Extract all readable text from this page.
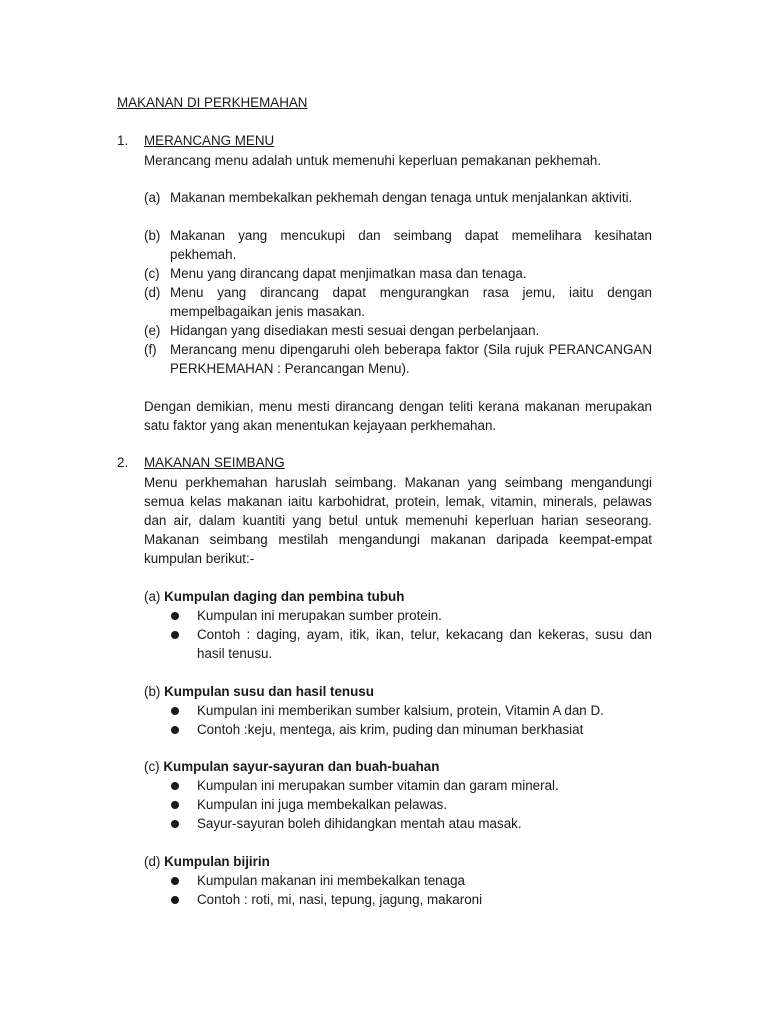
MAKANAN DI PERKHEMAHAN
1. MERANCANG MENU
Merancang menu adalah untuk memenuhi keperluan pemakanan pekhemah.
(a) Makanan membekalkan pekhemah dengan tenaga untuk menjalankan aktiviti.
(b) Makanan yang mencukupi dan seimbang dapat memelihara kesihatan pekhemah.
(c) Menu yang dirancang dapat menjimatkan masa dan tenaga.
(d) Menu yang dirancang dapat mengurangkan rasa jemu, iaitu dengan mempelbagaikan jenis masakan.
(e) Hidangan yang disediakan mesti sesuai dengan perbelanjaan.
(f) Merancang menu dipengaruhi oleh beberapa faktor (Sila rujuk PERANCANGAN PERKHEMAHAN : Perancangan Menu).
Dengan demikian, menu mesti dirancang dengan teliti kerana makanan merupakan satu faktor yang akan menentukan kejayaan perkhemahan.
2. MAKANAN SEIMBANG
Menu perkhemahan haruslah seimbang. Makanan yang seimbang mengandungi semua kelas makanan iaitu karbohidrat, protein, lemak, vitamin, minerals, pelawas dan air, dalam kuantiti yang betul untuk memenuhi keperluan harian seseorang. Makanan seimbang mestilah mengandungi makanan daripada keempat-empat kumpulan berikut:-
(a) Kumpulan daging dan pembina tubuh
Kumpulan ini merupakan sumber protein.
Contoh : daging, ayam, itik, ikan, telur, kekacang dan kekeras, susu dan hasil tenusu.
(b) Kumpulan susu dan hasil tenusu
Kumpulan ini memberikan sumber kalsium, protein, Vitamin A dan D.
Contoh :keju, mentega, ais krim, puding dan minuman berkhasiat
(c) Kumpulan sayur-sayuran dan buah-buahan
Kumpulan ini merupakan sumber vitamin dan garam mineral.
Kumpulan ini juga membekalkan pelawas.
Sayur-sayuran boleh dihidangkan mentah atau masak.
(d) Kumpulan bijirin
Kumpulan makanan ini membekalkan tenaga
Contoh : roti, mi, nasi, tepung, jagung, makaroni
